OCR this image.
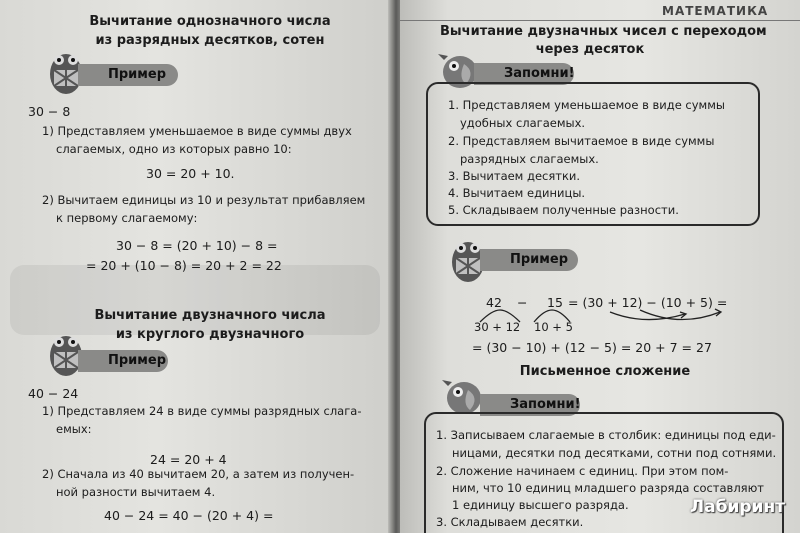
Вычитание однозначного числа
из разрядных десятков, сотен
Пример
30 − 8
1) Представляем уменьшаемое в виде суммы двух
слагаемых, одно из которых равно 10:
30 = 20 + 10.
2) Вычитаем единицы из 10 и результат прибавляем
к первому слагаемому:
30 − 8 = (20 + 10) − 8 =
= 20 + (10 − 8) = 20 + 2 = 22
Вычитание двузначного числа
из круглого двузначного
Пример
40 − 24
1) Представляем 24 в виде суммы разрядных слага-
емых:
24 = 20 + 4
2) Сначала из 40 вычитаем 20, а затем из получен-
ной разности вычитаем 4.
40 − 24 = 40 − (20 + 4) =
МАТЕМАТИКА
Вычитание двузначных чисел с переходом
через десяток
Запомни!
1. Представляем уменьшаемое в виде суммы
удобных слагаемых.
2. Представляем вычитаемое в виде суммы
разрядных слагаемых.
3. Вычитаем десятки.
4. Вычитаем единицы.
5. Складываем полученные разности.
Пример
42 − 15 = (30 + 12) − (10 + 5) =
30 + 12 10 + 5
= (30 − 10) + (12 − 5) = 20 + 7 = 27
Письменное сложение
Запомни!
1. Записываем слагаемые в столбик: единицы под еди-
ницами, десятки под десятками, сотни под сотнями.
2. Сложение начинаем с единиц. При этом пом-
ним, что 10 единиц младшего разряда составляют
1 единицу высшего разряда.
3. Складываем десятки.
Лабиринт
